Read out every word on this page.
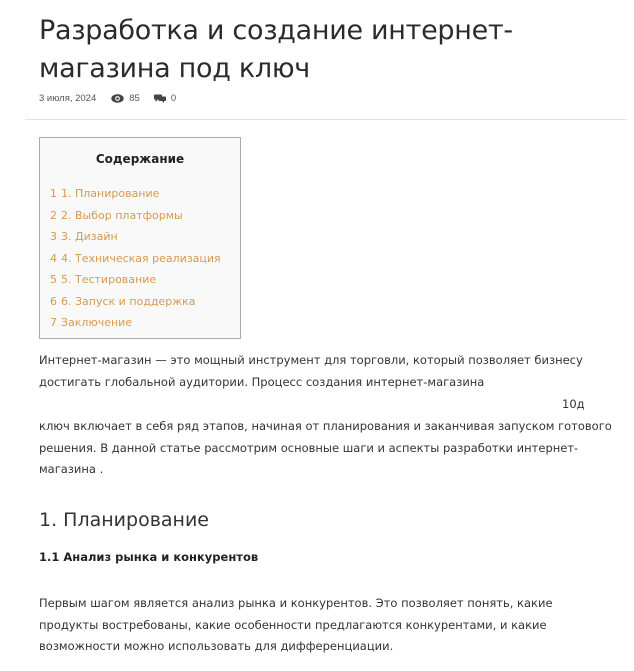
Разработка и создание интернет-магазина под ключ
3 июля, 2024	85	0
Содержание
1 1. Планирование
2 2. Выбор платформы
3 3. Дизайн
4 4. Техническая реализация
5 5. Тестирование
6 6. Запуск и поддержка
7 Заключение

Интернет-магазин — это мощный инструмент для торговли, который позволяет бизнесу достигать глобальной аудитории. Процесс создания интернет-магазина

10д

ключ включает в себя ряд этапов, начиная от планирования и заканчивая запуском готового решения. В данной статье рассмотрим основные шаги и аспекты разработки интернет-магазина .

1. Планирование
1.1 Анализ рынка и конкурентов

Первым шагом является анализ рынка и конкурентов. Это позволяет понять, какие продукты востребованы, какие особенности предлагаются конкурентами, и какие возможности можно использовать для дифференциации.
